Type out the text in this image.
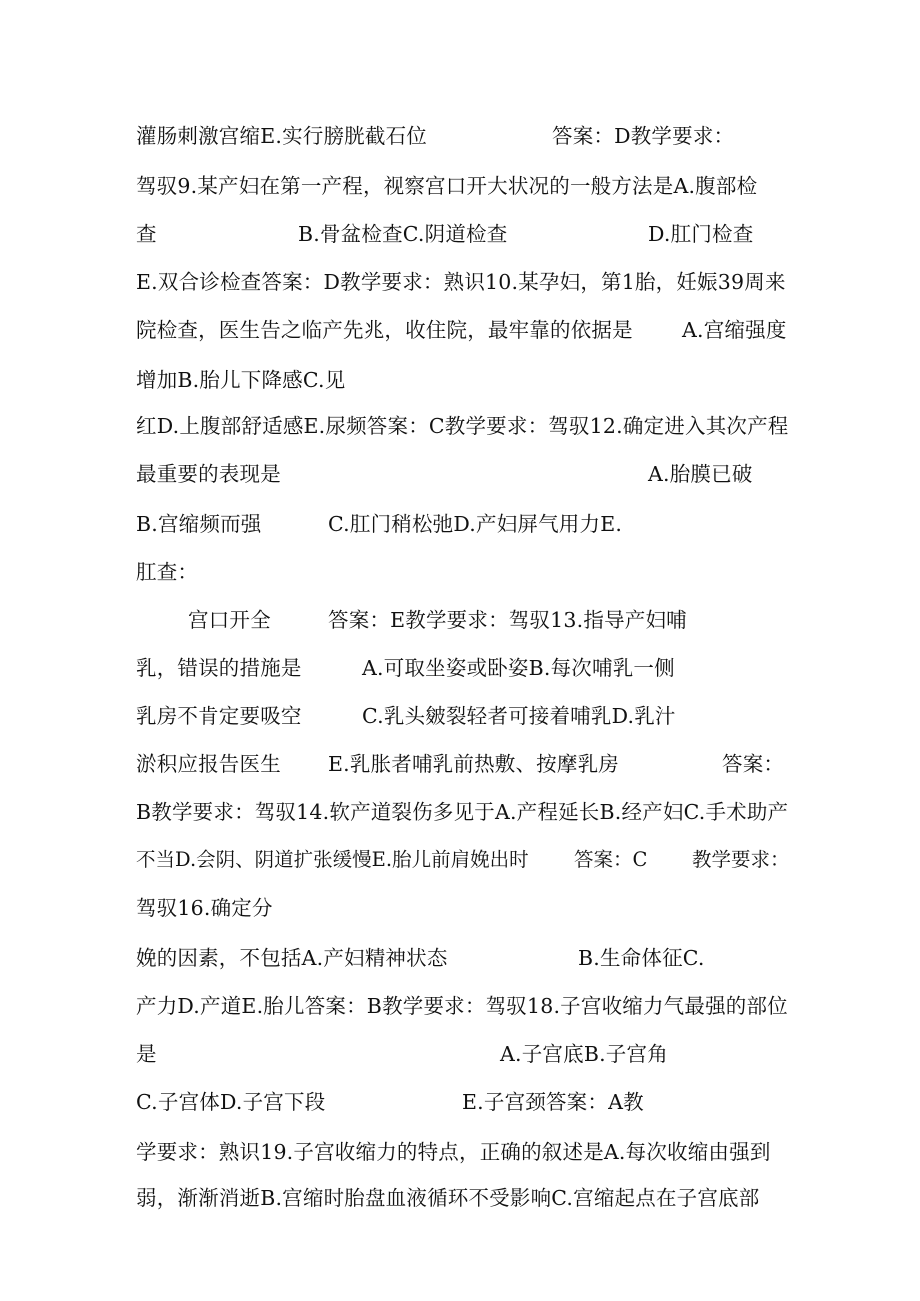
灌肠刺激宫缩E.实行膀胱截石位

	答案：D教学要求：

驾驭9.某产妇在第一产程，视察宫口开大状况的一般方法是A.腹部检

查

	B.骨盆检查C.阴道检查

	D.肛门检查

E.双合诊检查答案：D教学要求：熟识10.某孕妇，第1胎，妊娠39周来

院检查，医生告之临产先兆，收住院，最牢靠的依据是

A.宫缩强度

增加B.胎儿下降感C.见

红D.上腹部舒适感E.尿频答案：C教学要求：驾驭12.确定进入其次产程

最重要的表现是

	A.胎膜已破

B.宫缩频而强

	C.肛门稍松弛D.产妇屏气用力E.

肛查：

宫口开全

	答案：E教学要求：驾驭13.指导产妇哺

乳，错误的措施是

	A.可取坐姿或卧姿B.每次哺乳一侧

乳房不肯定要吸空

	C.乳头皴裂轻者可接着哺乳D.乳汁

淤积应报告医生

E.乳胀者哺乳前热敷、按摩乳房

	答案：

B教学要求：驾驭14.软产道裂伤多见于A.产程延长B.经产妇C.手术助产

不当D.会阴、阴道扩张缓慢E.胎儿前肩娩出时

答案：C

教学要求：

驾驭16.确定分

娩的因素，不包括A.产妇精神状态

	B.生命体征C.

产力D.产道E.胎儿答案：B教学要求：驾驭18.子宫收缩力气最强的部位

是

	A.子宫底B.子宫角

C.子宫体D.子宫下段

	E.子宫颈答案：A教

学要求：熟识19.子宫收缩力的特点，正确的叙述是A.每次收缩由强到

弱，渐渐消逝B.宫缩时胎盘血液循环不受影响C.宫缩起点在子宫底部
